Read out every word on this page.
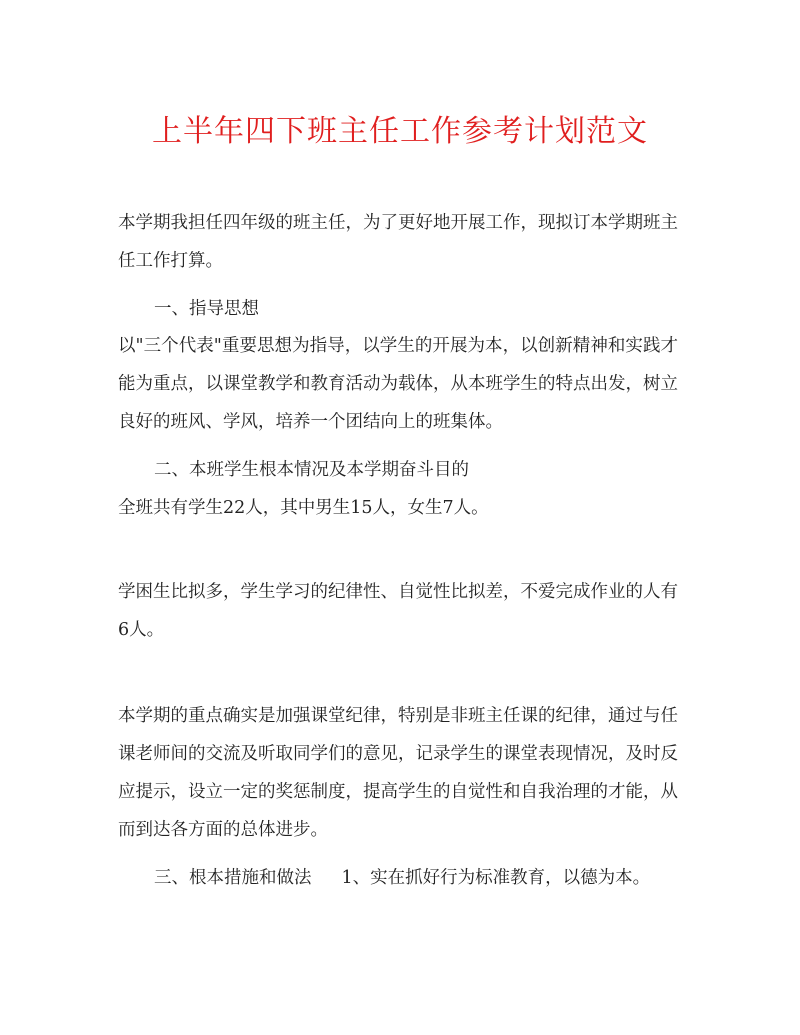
上半年四下班主任工作参考计划范文
本学期我担任四年级的班主任，为了更好地开展工作，现拟订本学期班主任工作打算。
一、指导思想
以"三个代表"重要思想为指导，以学生的开展为本，以创新精神和实践才能为重点，以课堂教学和教育活动为载体，从本班学生的特点出发，树立良好的班风、学风，培养一个团结向上的班集体。
二、本班学生根本情况及本学期奋斗目的
全班共有学生22人，其中男生15人，女生7人。
学困生比拟多，学生学习的纪律性、自觉性比拟差，不爱完成作业的人有6人。
本学期的重点确实是加强课堂纪律，特别是非班主任课的纪律，通过与任课老师间的交流及听取同学们的意见，记录学生的课堂表现情况，及时反应提示，设立一定的奖惩制度，提高学生的自觉性和自我治理的才能，从而到达各方面的总体进步。
三、根本措施和做法 1、实在抓好行为标准教育，以德为本。
